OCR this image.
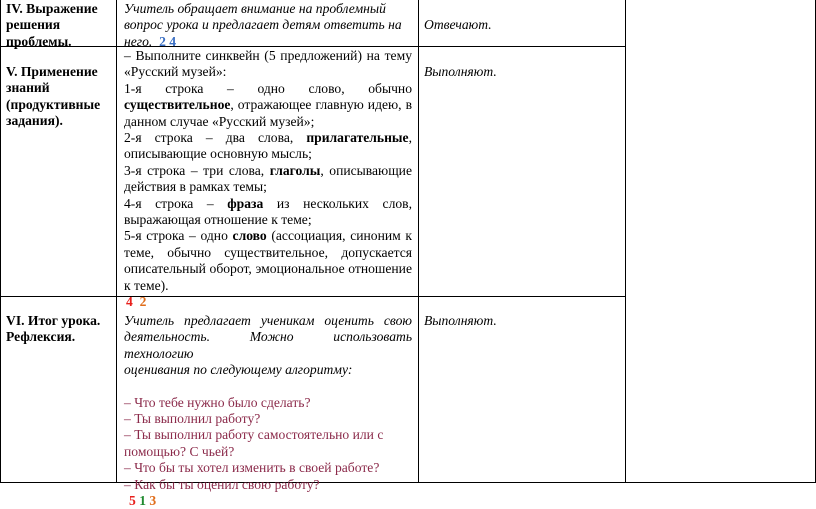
IV. Выражение
решения
проблемы.
Учитель обращает внимание на проблемный
вопрос урока и предлагает детям ответить на
него. 2 4
Отвечают.
V. Применение
знаний
(продуктивные
задания).
– Выполните синквейн (5 предложений) на тему
«Русский музей»:
1-я строка – одно слово, обычно
существительное, отражающее главную идею, в
данном случае «Русский музей»;
2-я строка – два слова, прилагательные,
описывающие основную мысль;
3-я строка – три слова, глаголы, описывающие
действия в рамках темы;
4-я строка – фраза из нескольких слов,
выражающая отношение к теме;
5-я строка – одно слово (ассоциация, синоним к
теме, обычно существительное, допускается
описательный оборот, эмоциональное отношение
к теме).
4 2
Выполняют.
VI. Итог урока.
Рефлексия.
Учитель предлагает ученикам оценить свою
деятельность. Можно использовать технологию
оценивания по следующему алгоритму:
– Что тебе нужно было сделать?
– Ты выполнил работу?
– Ты выполнил работу самостоятельно или с
помощью? С чьей?
– Что бы ты хотел изменить в своей работе?
– Как бы ты оценил свою работу?
5 1 3
Выполняют.
